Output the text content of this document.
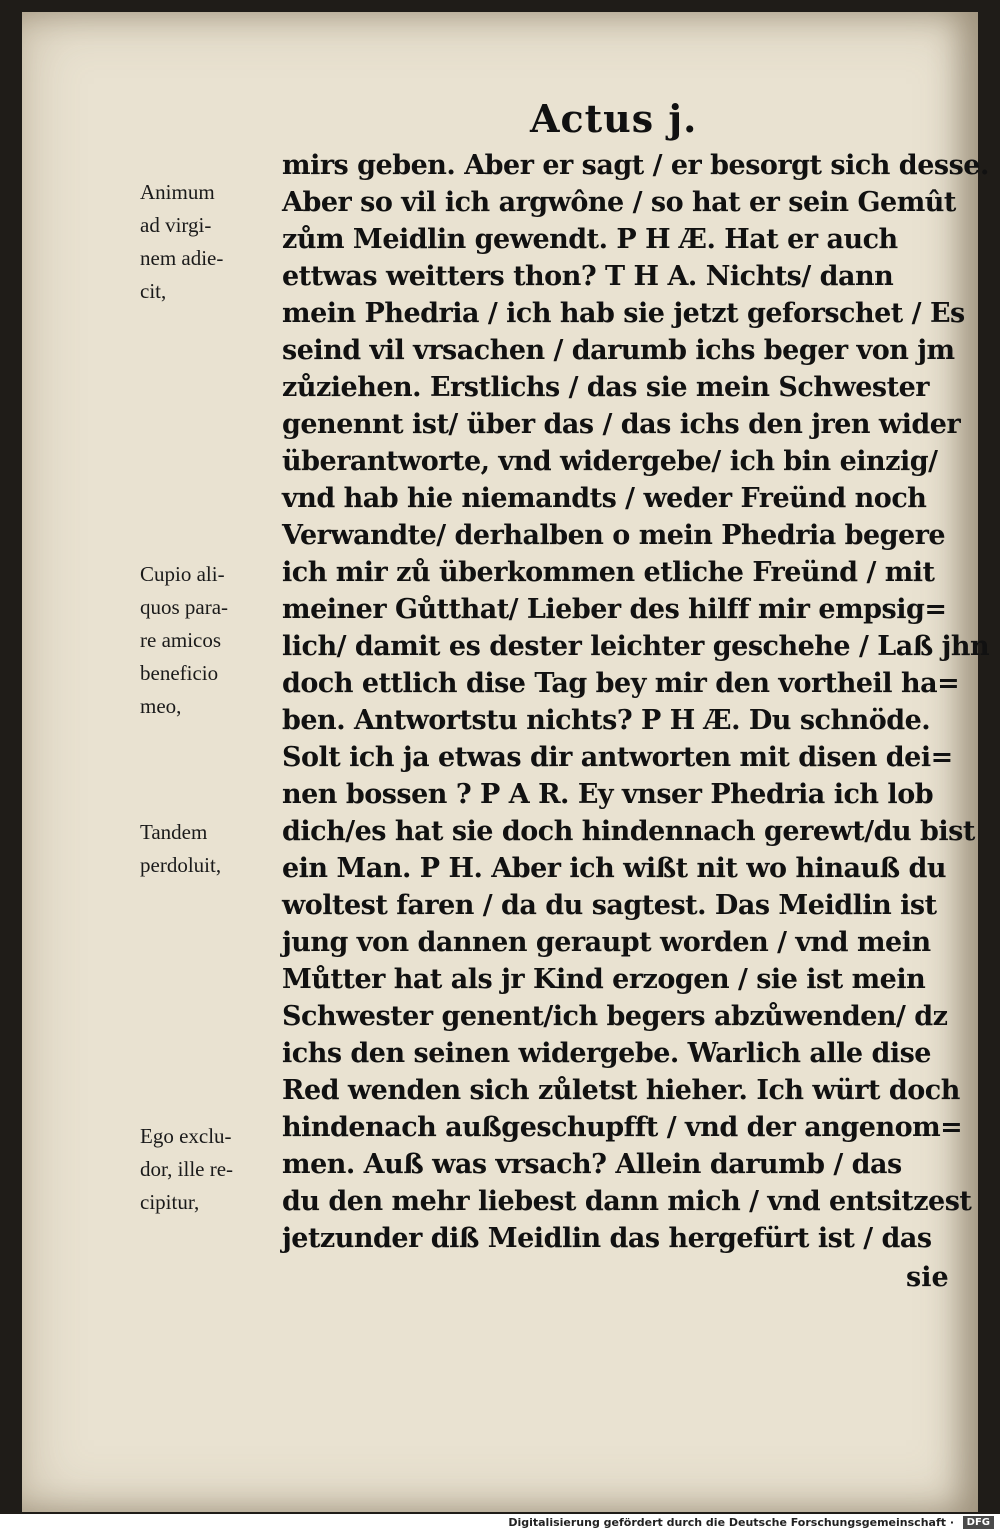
Actus j.
mirs geben. Aber er sagt / er besorgt sich desse.
Aber so vil ich argwône / so hat er sein Gemût
zům Meidlin gewendt. P H Æ. Hat er auch
ettwas weitters thon? T H A. Nichts/ dann
mein Phedria / ich hab sie jetzt geforschet / Es
seind vil vrsachen / darumb ichs beger von jm
zůziehen. Erstlichs / das sie mein Schwester
genennt ist/ über das / das ichs den jren wider
überantworte, vnd widergebe/ ich bin einzig/
vnd hab hie niemandts / weder Freünd noch
Verwandte/ derhalben o mein Phedria begere
ich mir zů überkommen etliche Freünd / mit
meiner Gůtthat/ Lieber des hilff mir empsig=
lich/ damit es dester leichter geschehe / Laß jhn
doch ettlich dise Tag bey mir den vortheil ha=
ben. Antwortstu nichts? P H Æ. Du schnöde.
Solt ich ja etwas dir antworten mit disen dei=
nen bossen ? P A R. Ey vnser Phedria ich lob
dich/es hat sie doch hindennach gerewt/du bist
ein Man. P H. Aber ich wißt nit wo hinauß du
woltest faren / da du sagtest. Das Meidlin ist
jung von dannen geraupt worden / vnd mein
Můtter hat als jr Kind erzogen / sie ist mein
Schwester genent/ich begers abzůwenden/ dz
ichs den seinen widergebe. Warlich alle dise
Red wenden sich zůletst hieher. Ich würt doch
hindenach außgeschupfft / vnd der angenom=
men. Auß was vrsach? Allein darumb / das
du den mehr liebest dann mich / vnd entsitzest
jetzunder diß Meidlin das hergefürt ist / das
sie
Animum
ad virgi-
nem adie-
cit,
Cupio ali-
quos para-
re amicos
beneficio
meo,
Tandem
perdoluit,
Ego exclu-
dor, ille re-
cipitur,
Digitalisierung gefördert durch die Deutsche Forschungsgemeinschaft ·	DFG
